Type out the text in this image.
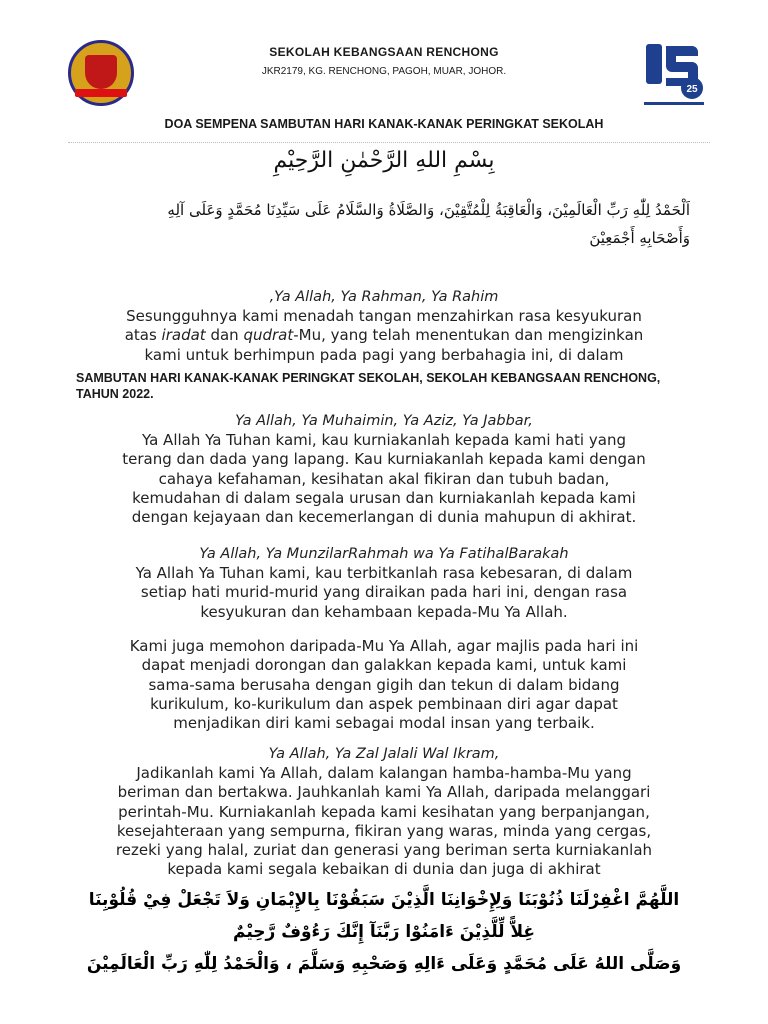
25
SEKOLAH KEBANGSAAN RENCHONG
JKR2179, KG. RENCHONG, PAGOH, MUAR, JOHOR.
DOA SEMPENA SAMBUTAN HARI KANAK-KANAK PERINGKAT SEKOLAH
بِسْمِ اللهِ الرَّحْمٰنِ الرَّحِيْمِ
اَلْحَمْدُ لِلّٰهِ رَبِّ الْعَالَمِيْنَ، وَالْعَاقِبَةُ لِلْمُتَّقِيْنَ، وَالصَّلَاةُ وَالسَّلَامُ عَلَى سَيِّدِنَا مُحَمَّدٍ وَعَلَى آلِهِ
وَأَصْحَابِهِ أَجْمَعِيْنَ
,Ya Allah, Ya Rahman, Ya Rahim
Sesungguhnya kami menadah tangan menzahirkan rasa kesyukuran
atas iradat dan qudrat-Mu, yang telah menentukan dan mengizinkan
kami untuk berhimpun pada pagi yang berbahagia ini, di dalam
SAMBUTAN HARI KANAK-KANAK PERINGKAT SEKOLAH, SEKOLAH KEBANGSAAN RENCHONG, TAHUN 2022.
Ya Allah, Ya Muhaimin, Ya Aziz, Ya Jabbar,
Ya Allah Ya Tuhan kami, kau kurniakanlah kepada kami hati yang
terang dan dada yang lapang. Kau kurniakanlah kepada kami dengan
cahaya kefahaman, kesihatan akal fikiran dan tubuh badan,
kemudahan di dalam segala urusan dan kurniakanlah kepada kami
dengan kejayaan dan kecemerlangan di dunia mahupun di akhirat.
Ya Allah, Ya MunzilarRahmah wa Ya FatihalBarakah
Ya Allah Ya Tuhan kami, kau terbitkanlah rasa kebesaran, di dalam
setiap hati murid-murid yang diraikan pada hari ini, dengan rasa
kesyukuran dan kehambaan kepada-Mu Ya Allah.
Kami juga memohon daripada-Mu Ya Allah, agar majlis pada hari ini
dapat menjadi dorongan dan galakkan kepada kami, untuk kami
sama-sama berusaha dengan gigih dan tekun di dalam bidang
kurikulum, ko-kurikulum dan aspek pembinaan diri agar dapat
menjadikan diri kami sebagai modal insan yang terbaik.
Ya Allah, Ya Zal Jalali Wal Ikram,
Jadikanlah kami Ya Allah, dalam kalangan hamba-hamba-Mu yang
beriman dan bertakwa. Jauhkanlah kami Ya Allah, daripada melanggari
perintah-Mu. Kurniakanlah kepada kami kesihatan yang berpanjangan,
kesejahteraan yang sempurna, fikiran yang waras, minda yang cergas,
rezeki yang halal, zuriat dan generasi yang beriman serta kurniakanlah
kepada kami segala kebaikan di dunia dan juga di akhirat
اللَّهُمَّ اغْفِرْلَنَا ذُنُوْبَنَا وَلِإِخْوَانِنَا الَّذِيْنَ سَبَقُوْنَا بِالإِيْمَانِ وَلاَ تَجْعَلْ فِيْ قُلُوْبِنَا
غِلاًّ لِّلَّذِيْنَ ءَامَنُوْا رَبَّنَآ إِنَّكَ رَءُوْفٌ رَّحِيْمٌ
وَصَلَّى اللهُ عَلَى مُحَمَّدٍ وَعَلَى ءَالِهِ وَصَحْبِهِ وَسَلَّمَ ، وَالْحَمْدُ لِلّٰهِ رَبِّ الْعَالَمِيْنَ
